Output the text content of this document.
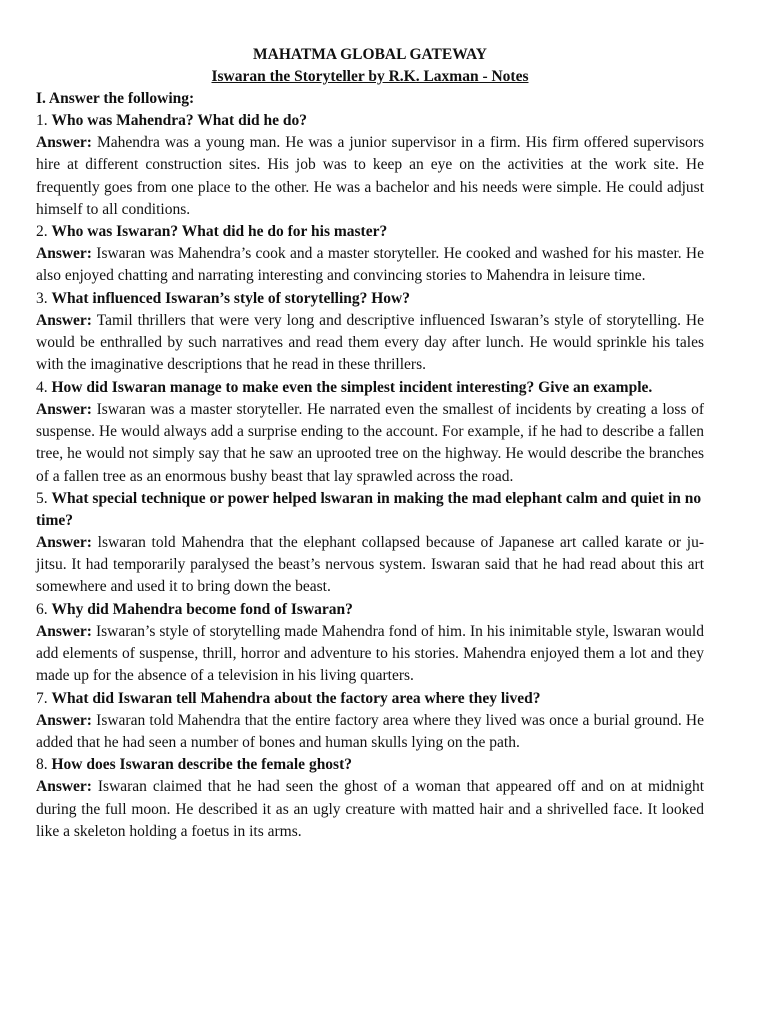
MAHATMA GLOBAL GATEWAY

Iswaran the Storyteller by R.K. Laxman - Notes

I. Answer the following:

1. Who was Mahendra? What did he do?

Answer: Mahendra was a young man. He was a junior supervisor in a firm. His firm offered supervisors hire at different construction sites. His job was to keep an eye on the activities at the work site. He frequently goes from one place to the other. He was a bachelor and his needs were simple. He could adjust himself to all conditions.

2. Who was Iswaran? What did he do for his master?

Answer: Iswaran was Mahendra’s cook and a master storyteller. He cooked and washed for his master. He also enjoyed chatting and narrating interesting and convincing stories to Mahendra in leisure time.

3. What influenced Iswaran’s style of storytelling? How?

Answer: Tamil thrillers that were very long and descriptive influenced Iswaran’s style of storytelling. He would be enthralled by such narratives and read them every day after lunch. He would sprinkle his tales with the imaginative descriptions that he read in these thrillers.

4. How did Iswaran manage to make even the simplest incident interesting? Give an example.

Answer: Iswaran was a master storyteller. He narrated even the smallest of incidents by creating a loss of suspense. He would always add a surprise ending to the account. For example, if he had to describe a fallen tree, he would not simply say that he saw an uprooted tree on the highway. He would describe the branches of a fallen tree as an enormous bushy beast that lay sprawled across the road.

5. What special technique or power helped lswaran in making the mad elephant calm and quiet in no time?

Answer: lswaran told Mahendra that the elephant collapsed because of Japanese art called karate or ju-jitsu. It had temporarily paralysed the beast’s nervous system. Iswaran said that he had read about this art somewhere and used it to bring down the beast.

6. Why did Mahendra become fond of Iswaran?

Answer: Iswaran’s style of storytelling made Mahendra fond of him. In his inimitable style, lswaran would add elements of suspense, thrill, horror and adventure to his stories. Mahendra enjoyed them a lot and they made up for the absence of a television in his living quarters.

7. What did Iswaran tell Mahendra about the factory area where they lived?

Answer: Iswaran told Mahendra that the entire factory area where they lived was once a burial ground. He added that he had seen a number of bones and human skulls lying on the path.

8. How does Iswaran describe the female ghost?

Answer: Iswaran claimed that he had seen the ghost of a woman that appeared off and on at midnight during the full moon. He described it as an ugly creature with matted hair and a shrivelled face. It looked like a skeleton holding a foetus in its arms.
